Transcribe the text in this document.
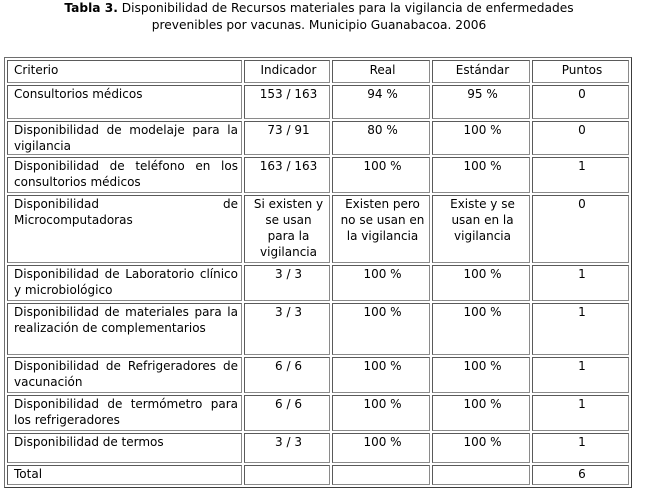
Tabla 3. Disponibilidad de Recursos materiales para la vigilancia de enfermedades
prevenibles por vacunas. Municipio Guanabacoa. 2006
Criterio	Indicador	Real	Estándar	Puntos
Consultorios médicos	153 / 163	94 %	95 %	0
Disponibilidad de modelaje para la vigilancia	73 / 91	80 %	100 %	0
Disponibilidad de teléfono en los consultorios médicos	163 / 163	100 %	100 %	1
Disponibilidad de Microcomputadoras	Si existen y se usan para la vigilancia	Existen pero no se usan en la vigilancia	Existe y se usan en la vigilancia	0
Disponibilidad de Laboratorio clínico y microbiológico	3 / 3	100 %	100 %	1
Disponibilidad de materiales para la realización de complementarios	3 / 3	100 %	100 %	1
Disponibilidad de Refrigeradores de vacunación	6 / 6	100 %	100 %	1
Disponibilidad de termómetro para los refrigeradores	6 / 6	100 %	100 %	1
Disponibilidad de termos	3 / 3	100 %	100 %	1
Total				6
